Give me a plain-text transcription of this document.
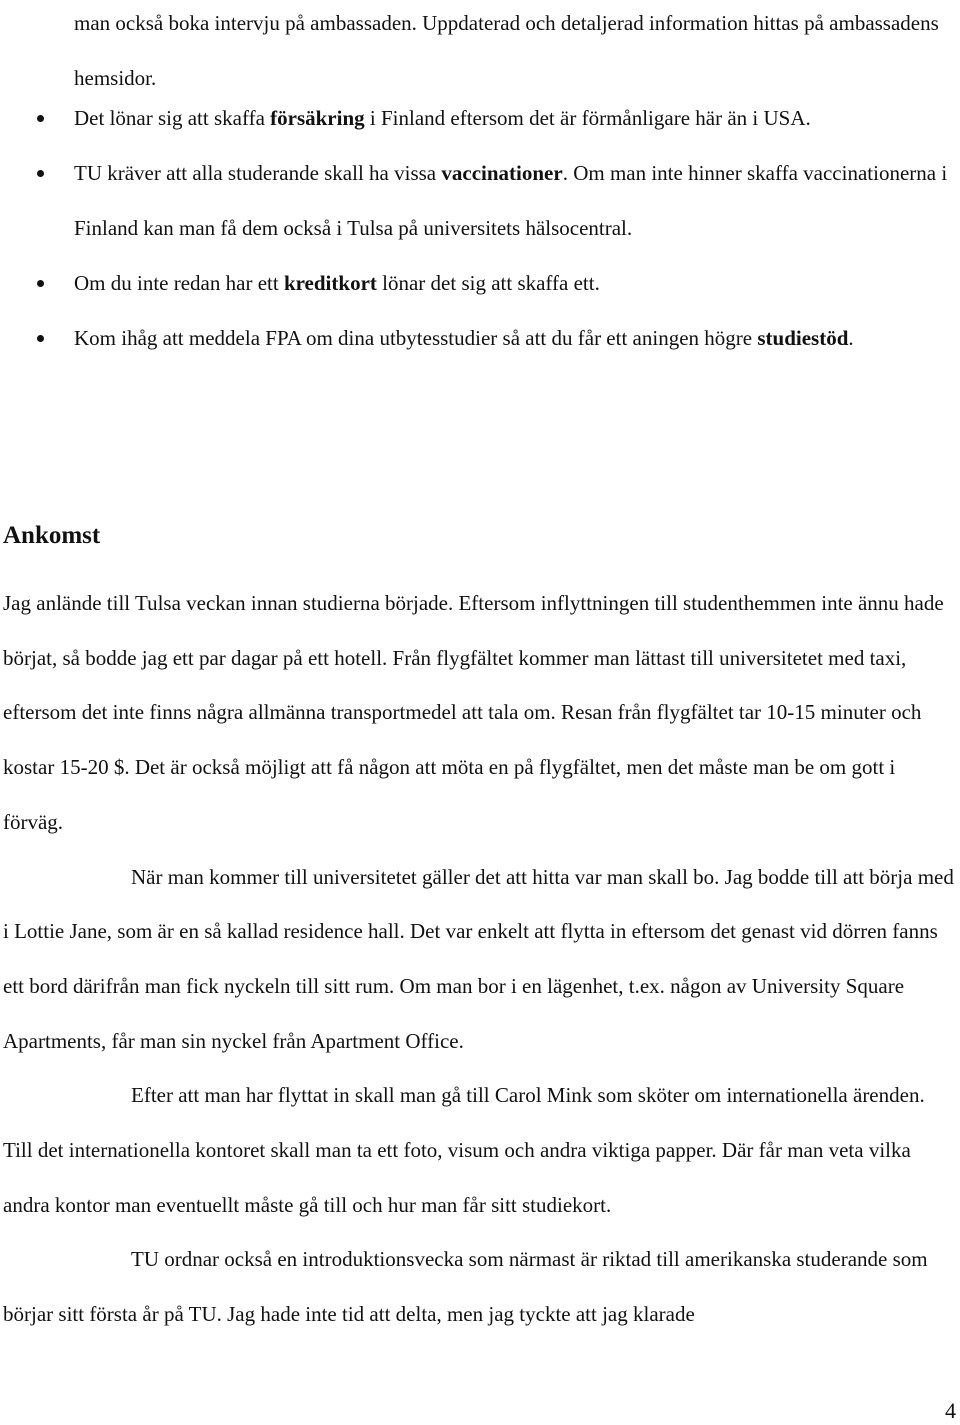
man också boka intervju på ambassaden. Uppdaterad och detaljerad information hittas på ambassadens hemsidor.

Det lönar sig att skaffa försäkring i Finland eftersom det är förmånligare här än i USA.
TU kräver att alla studerande skall ha vissa vaccinationer. Om man inte hinner skaffa vaccinationerna i Finland kan man få dem också i Tulsa på universitets hälsocentral.
Om du inte redan har ett kreditkort lönar det sig att skaffa ett.
Kom ihåg att meddela FPA om dina utbytesstudier så att du får ett aningen högre studiestöd.
Ankomst

Jag anlände till Tulsa veckan innan studierna började. Eftersom inflyttningen till studenthemmen inte ännu hade börjat, så bodde jag ett par dagar på ett hotell. Från flygfältet kommer man lättast till universitetet med taxi, eftersom det inte finns några allmänna transportmedel att tala om. Resan från flygfältet tar 10-15 minuter och kostar 15-20 $. Det är också möjligt att få någon att möta en på flygfältet, men det måste man be om gott i förväg.

När man kommer till universitetet gäller det att hitta var man skall bo. Jag bodde till att börja med i Lottie Jane, som är en så kallad residence hall. Det var enkelt att flytta in eftersom det genast vid dörren fanns ett bord därifrån man fick nyckeln till sitt rum. Om man bor i en lägenhet, t.ex. någon av University Square Apartments, får man sin nyckel från Apartment Office.

Efter att man har flyttat in skall man gå till Carol Mink som sköter om internationella ärenden. Till det internationella kontoret skall man ta ett foto, visum och andra viktiga papper. Där får man veta vilka andra kontor man eventuellt måste gå till och hur man får sitt studiekort.

TU ordnar också en introduktionsvecka som närmast är riktad till amerikanska studerande som börjar sitt första år på TU. Jag hade inte tid att delta, men jag tyckte att jag klarade

4
